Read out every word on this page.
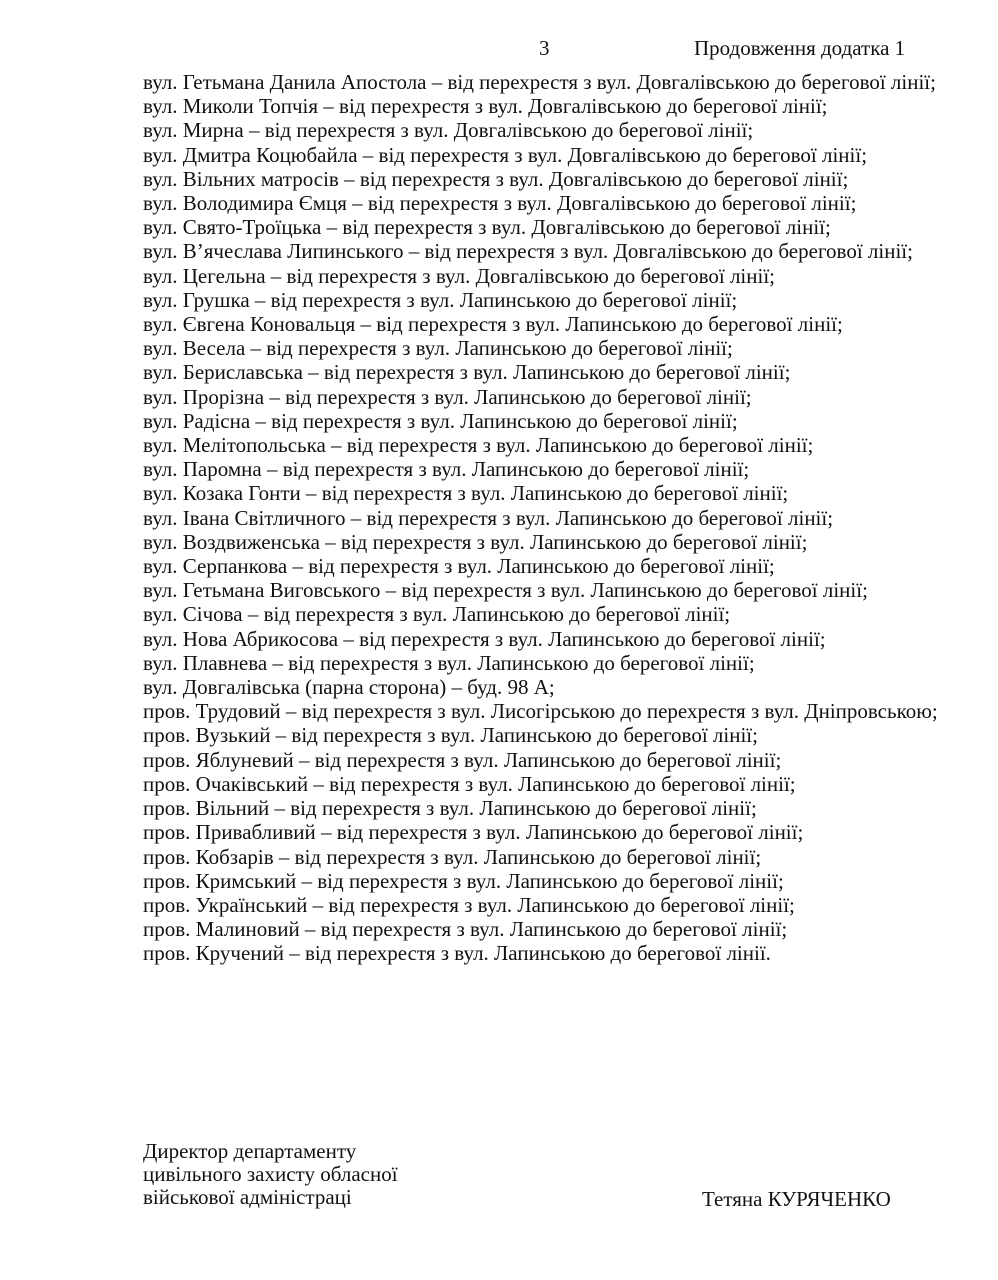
3	Продовження додатка 1
вул. Гетьмана Данила Апостола – від перехрестя з вул. Довгалівською до берегової лінії;
вул. Миколи Топчія – від перехрестя з вул. Довгалівською до берегової лінії;
вул. Мирна – від перехрестя з вул. Довгалівською до берегової лінії;
вул. Дмитра Коцюбайла – від перехрестя з вул. Довгалівською до берегової лінії;
вул. Вільних матросів – від перехрестя з вул. Довгалівською до берегової лінії;
вул. Володимира Ємця – від перехрестя з вул. Довгалівською до берегової лінії;
вул. Свято-Троїцька – від перехрестя з вул. Довгалівською до берегової лінії;
вул. В’ячеслава Липинського – від перехрестя з вул. Довгалівською до берегової лінії;
вул. Цегельна – від перехрестя з вул. Довгалівською до берегової лінії;
вул. Грушка – від перехрестя з вул. Лапинською до берегової лінії;
вул. Євгена Коновальця – від перехрестя з вул. Лапинською до берегової лінії;
вул. Весела – від перехрестя з вул. Лапинською до берегової лінії;
вул. Бериславська – від перехрестя з вул. Лапинською до берегової лінії;
вул. Прорізна – від перехрестя з вул. Лапинською до берегової лінії;
вул. Радісна – від перехрестя з вул. Лапинською до берегової лінії;
вул. Мелітопольська – від перехрестя з вул. Лапинською до берегової лінії;
вул. Паромна – від перехрестя з вул. Лапинською до берегової лінії;
вул. Козака Гонти – від перехрестя з вул. Лапинською до берегової лінії;
вул. Івана Світличного – від перехрестя з вул. Лапинською до берегової лінії;
вул. Воздвиженська – від перехрестя з вул. Лапинською до берегової лінії;
вул. Серпанкова – від перехрестя з вул. Лапинською до берегової лінії;
вул. Гетьмана Виговського – від перехрестя з вул. Лапинською до берегової лінії;
вул. Січова – від перехрестя з вул. Лапинською до берегової лінії;
вул. Нова Абрикосова – від перехрестя з вул. Лапинською до берегової лінії;
вул. Плавнева – від перехрестя з вул. Лапинською до берегової лінії;
вул. Довгалівська (парна сторона) – буд. 98 А;
пров. Трудовий – від перехрестя з вул. Лисогірською до перехрестя з вул. Дніпровською;
пров. Вузький – від перехрестя з вул. Лапинською до берегової лінії;
пров. Яблуневий – від перехрестя з вул. Лапинською до берегової лінії;
пров. Очаківський – від перехрестя з вул. Лапинською до берегової лінії;
пров. Вільний – від перехрестя з вул. Лапинською до берегової лінії;
пров. Привабливий – від перехрестя з вул. Лапинською до берегової лінії;
пров. Кобзарів – від перехрестя з вул. Лапинською до берегової лінії;
пров. Кримський – від перехрестя з вул. Лапинською до берегової лінії;
пров. Український – від перехрестя з вул. Лапинською до берегової лінії;
пров. Малиновий – від перехрестя з вул. Лапинською до берегової лінії;
пров. Кручений – від перехрестя з вул. Лапинською до берегової лінії.
Директор департаменту
цивільного захисту обласної
військової адміністраці	Тетяна КУРЯЧЕНКО
